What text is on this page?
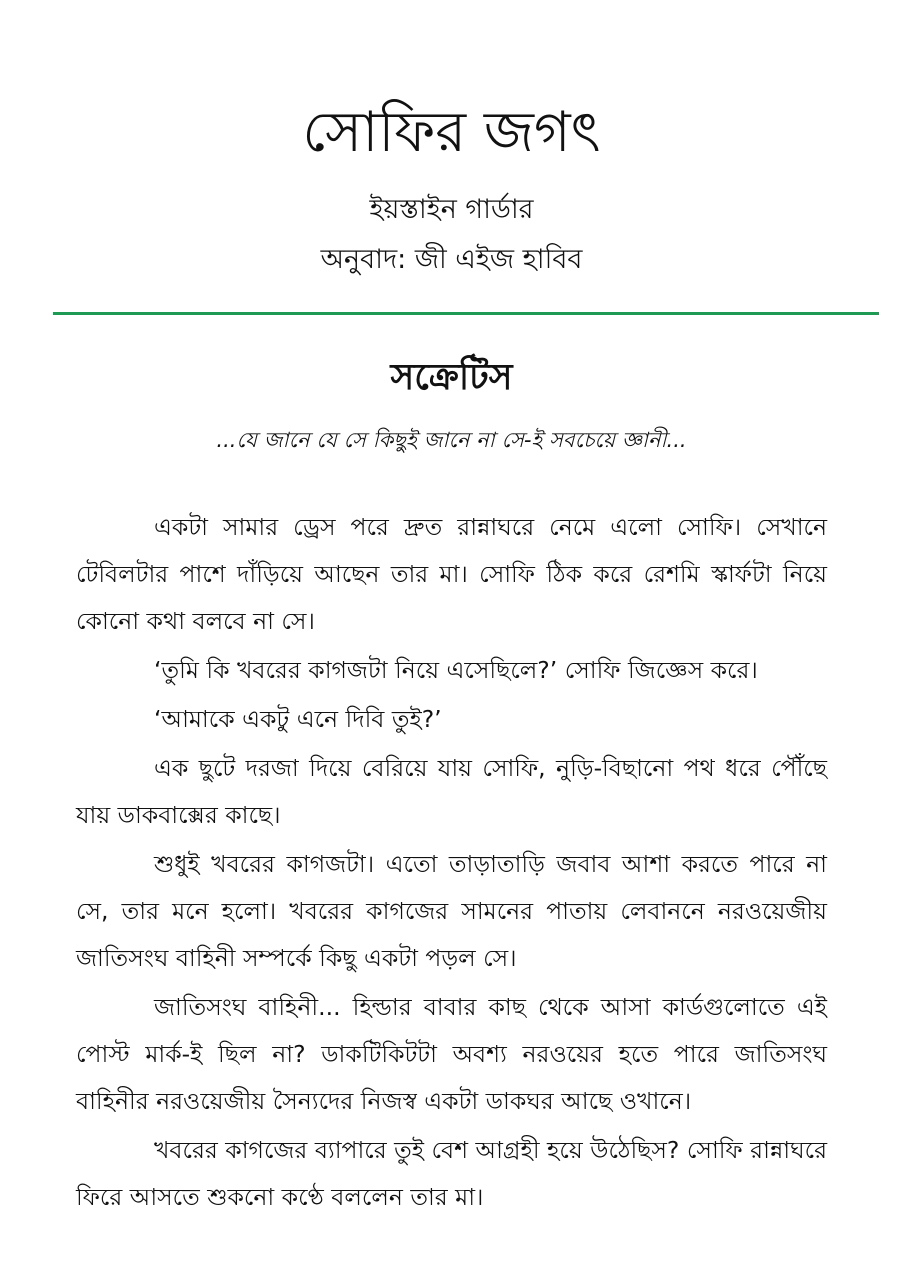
সোফির জগৎ
ইয়স্তাইন গার্ডার
অনুবাদ: জী এইজ হাবিব
সক্রেটিস
...যে জানে যে সে কিছুই জানে না সে-ই সবচেয়ে জ্ঞানী...

একটা সামার ড্রেস পরে দ্রুত রান্নাঘরে নেমে এলো সোফি। সেখানে টেবিলটার পাশে দাঁড়িয়ে আছেন তার মা। সোফি ঠিক করে রেশমি স্কার্ফটা নিয়ে কোনো কথা বলবে না সে।

‘তুমি কি খবরের কাগজটা নিয়ে এসেছিলে?’ সোফি জিজ্ঞেস করে।

‘আমাকে একটু এনে দিবি তুই?’

এক ছুটে দরজা দিয়ে বেরিয়ে যায় সোফি, নুড়ি-বিছানো পথ ধরে পৌঁছে যায় ডাকবাক্সের কাছে।

শুধুই খবরের কাগজটা। এতো তাড়াতাড়ি জবাব আশা করতে পারে না সে, তার মনে হলো। খবরের কাগজের সামনের পাতায় লেবাননে নরওয়েজীয় জাতিসংঘ বাহিনী সম্পর্কে কিছু একটা পড়ল সে।

জাতিসংঘ বাহিনী... হিল্ডার বাবার কাছ থেকে আসা কার্ডগুলোতে এই পোস্ট মার্ক-ই ছিল না? ডাকটিকিটটা অবশ্য নরওয়ের হতে পারে জাতিসংঘ বাহিনীর নরওয়েজীয় সৈন্যদের নিজস্ব একটা ডাকঘর আছে ওখানে।

খবরের কাগজের ব্যাপারে তুই বেশ আগ্রহী হয়ে উঠেছিস? সোফি রান্নাঘরে ফিরে আসতে শুকনো কণ্ঠে বললেন তার মা।
